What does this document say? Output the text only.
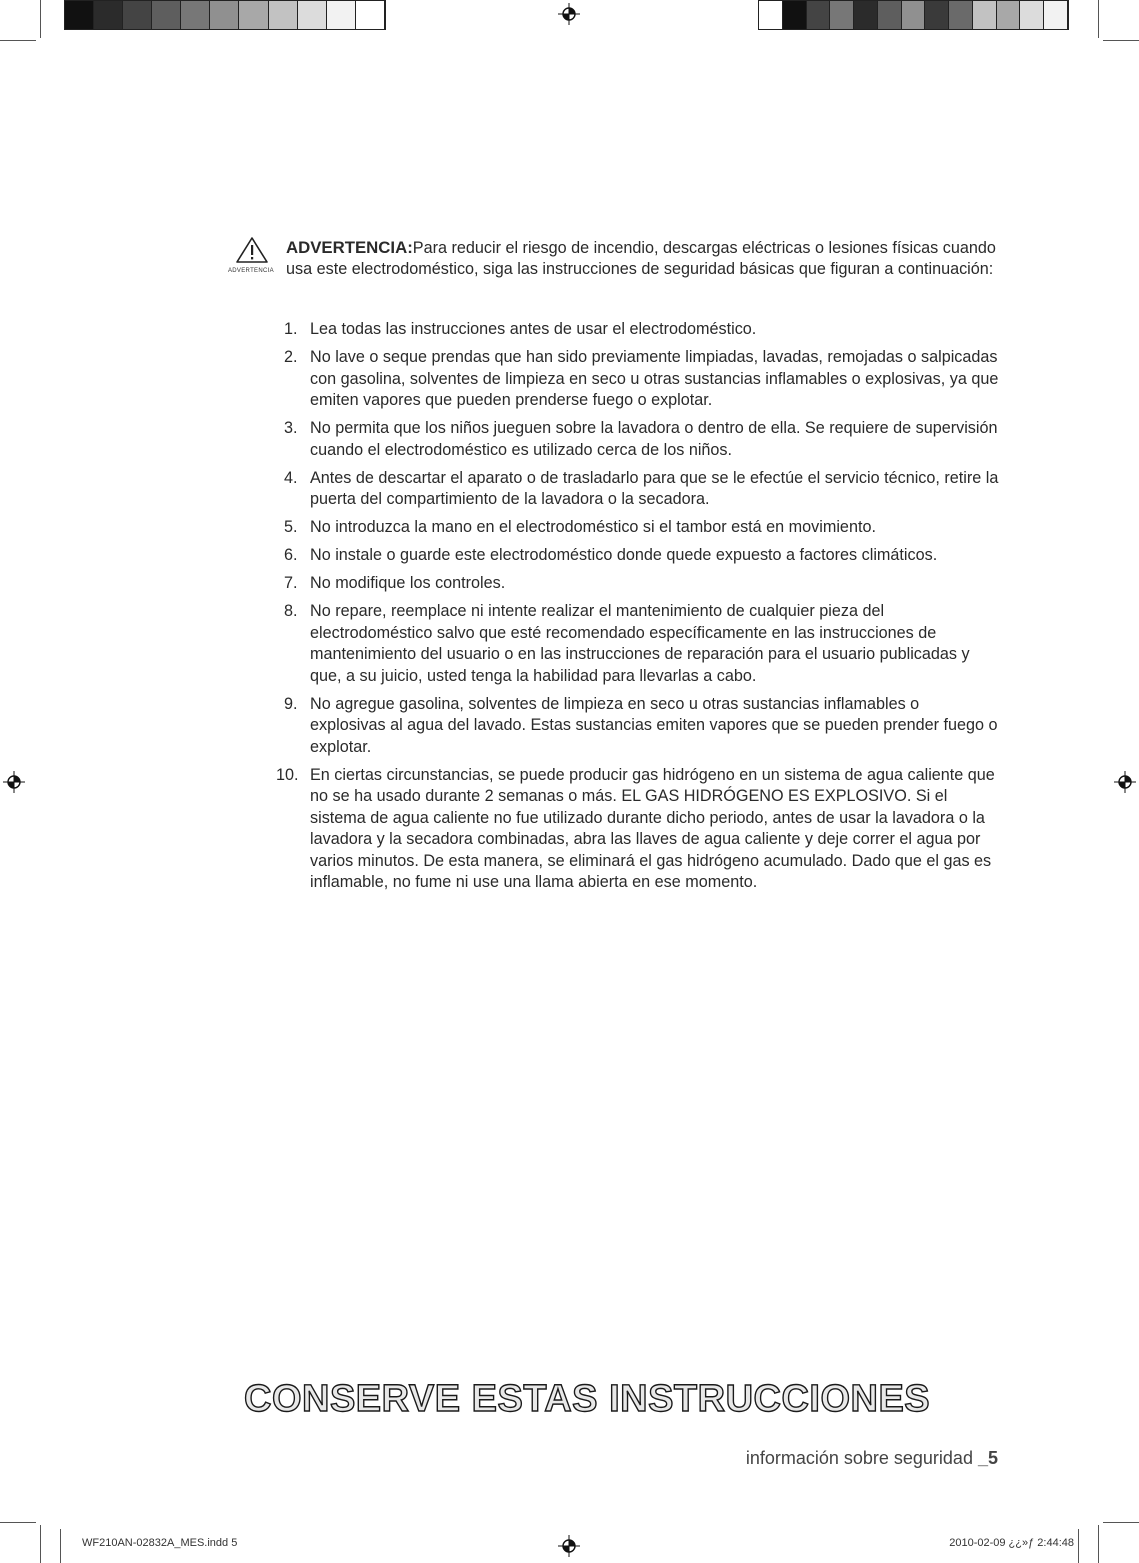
ADVERTENCIA
ADVERTENCIA:Para reducir el riesgo de incendio, descargas eléctricas o lesiones físicas cuando usa este electrodoméstico, siga las instrucciones de seguridad básicas que figuran a continuación:
1. Lea todas las instrucciones antes de usar el electrodoméstico.
2. No lave o seque prendas que han sido previamente limpiadas, lavadas, remojadas o salpicadas con gasolina, solventes de limpieza en seco u otras sustancias inflamables o explosivas, ya que emiten vapores que pueden prenderse fuego o explotar.
3. No permita que los niños jueguen sobre la lavadora o dentro de ella. Se requiere de supervisión cuando el electrodoméstico es utilizado cerca de los niños.
4. Antes de descartar el aparato o de trasladarlo para que se le efectúe el servicio técnico, retire la puerta del compartimiento de la lavadora o la secadora.
5. No introduzca la mano en el electrodoméstico si el tambor está en movimiento.
6. No instale o guarde este electrodoméstico donde quede expuesto a factores climáticos.
7. No modifique los controles.
8. No repare, reemplace ni intente realizar el mantenimiento de cualquier pieza del electrodoméstico salvo que esté recomendado específicamente en las instrucciones de mantenimiento del usuario o en las instrucciones de reparación para el usuario publicadas y que, a su juicio, usted tenga la habilidad para llevarlas a cabo.
9. No agregue gasolina, solventes de limpieza en seco u otras sustancias inflamables o explosivas al agua del lavado. Estas sustancias emiten vapores que se pueden prender fuego o explotar.
10. En ciertas circunstancias, se puede producir gas hidrógeno en un sistema de agua caliente que no se ha usado durante 2 semanas o más. EL GAS HIDRÓGENO ES EXPLOSIVO. Si el sistema de agua caliente no fue utilizado durante dicho periodo, antes de usar la lavadora o la lavadora y la secadora combinadas, abra las llaves de agua caliente y deje correr el agua por varios minutos. De esta manera, se eliminará el gas hidrógeno acumulado. Dado que el gas es inflamable, no fume ni use una llama abierta en ese momento.
CONSERVE ESTAS INSTRUCCIONES
información sobre seguridad _5
WF210AN-02832A_MES.indd 5	2010-02-09 ¿¿»ƒ 2:44:48
